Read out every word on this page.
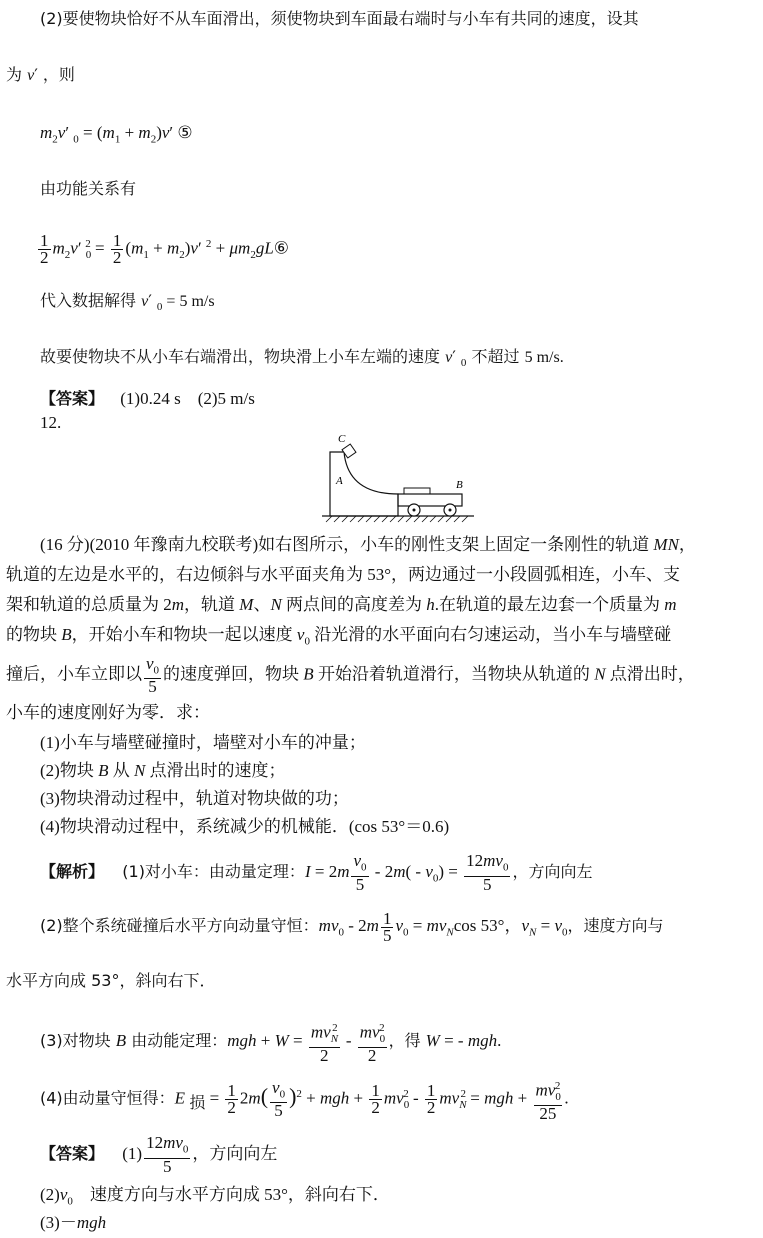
(2)要使物块恰好不从车面滑出，须使物块到车面最右端时与小车有共同的速度，设其
为 v′ ，则
$m_2v'$ $_0 = (m_1 + m_2)v'$ ⑤
由功能关系有
$\frac{1}{2} m_2v'$ $_0^2 = \frac{1}{2} (m_1 + m_2)v'$ $^2 + \mu m_2gL⑥$
代入数据解得 v′ $_0$ = 5 m/s
故要使物块不从小车右端滑出，物块滑上小车左端的速度 v′ $_0$ 不超过 5 m/s.
【答案】 (1)0.24 s　(2)5 m/s
12.
C
A	B
(16 分)(2010 年豫南九校联考)如右图所示，小车的刚性支架上固定一条刚性的轨道 MN，
轨道的左边是水平的，右边倾斜与水平面夹角为 53°，两边通过一小段圆弧相连，小车、支
架和轨道的总质量为 2m，轨道 M、N 两点间的高度差为 h.在轨道的最左边套一个质量为 m
的物块 B，开始小车和物块一起以速度 $v_0$ 沿光滑的水平面向右匀速运动，当小车与墙壁碰
撞后，小车立即以 $\frac{v_0}{5}$ 的速度弹回，物块 B 开始沿着轨道滑行，当物块从轨道的 N 点滑出时，
小车的速度刚好为零．求：
(1)小车与墙壁碰撞时，墙壁对小车的冲量；
(2)物块 B 从 N 点滑出时的速度；
(3)物块滑动过程中，轨道对物块做的功；
(4)物块滑动过程中，系统减少的机械能．(cos 53°＝0.6)
【解析】 (1)对小车：由动量定理：$I = 2m \frac{v_0}{5} - 2m( - v_0) = \frac{12mv_0}{5}$ ，方向向左
(2)整个系统碰撞后水平方向动量守恒：$mv_0 - 2m \frac{1}{5} v_0 = mv_N\cos$ 53°，$v_N = v_0$，速度方向与
水平方向成 53°，斜向右下．
(3)对物块 B 由动能定理：mgh + $W = \frac{mv_N^2}{2} - \frac{mv_0^2}{2}$ ，得 W = - mgh.
(4)由动量守恒得：E $_损 = \frac{1}{2} 2m( \frac{v_0}{5} )^2$ + mgh + $\frac{1}{2} mv_0^2 - \frac{1}{2} mv_N^2$ = mgh + $\frac{mv_0^2}{25}$ .
【答案】 $(1) \frac{12mv_0}{5}$ ，方向向左
$(2)v_0$　速度方向与水平方向成 53°，斜向右下．
(3)－mgh
